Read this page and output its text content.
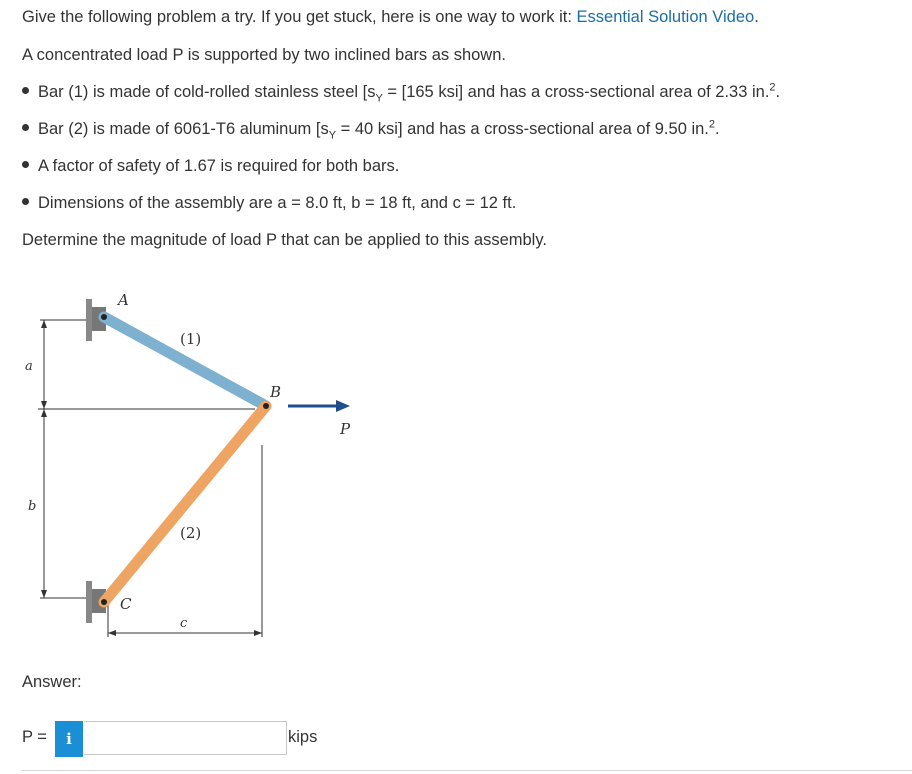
Give the following problem a try. If you get stuck, here is one way to work it: Essential Solution Video.
A concentrated load P is supported by two inclined bars as shown.
Bar (1) is made of cold-rolled stainless steel [$s_Y = [165$ ksi] and has a cross-sectional area of 2.33 in.$^2$.
Bar (2) is made of 6061-T6 aluminum [$s_Y = 40$ ksi] and has a cross-sectional area of 9.50 in.$^2$.
A factor of safety of 1.67 is required for both bars.
Dimensions of the assembly are a = 8.0 ft, b = 18 ft, and c = 12 ft.
Determine the magnitude of load P that can be applied to this assembly.
A
B
C
P
(1)
(2)
a
b
c
Answer:
P =	i	kips
